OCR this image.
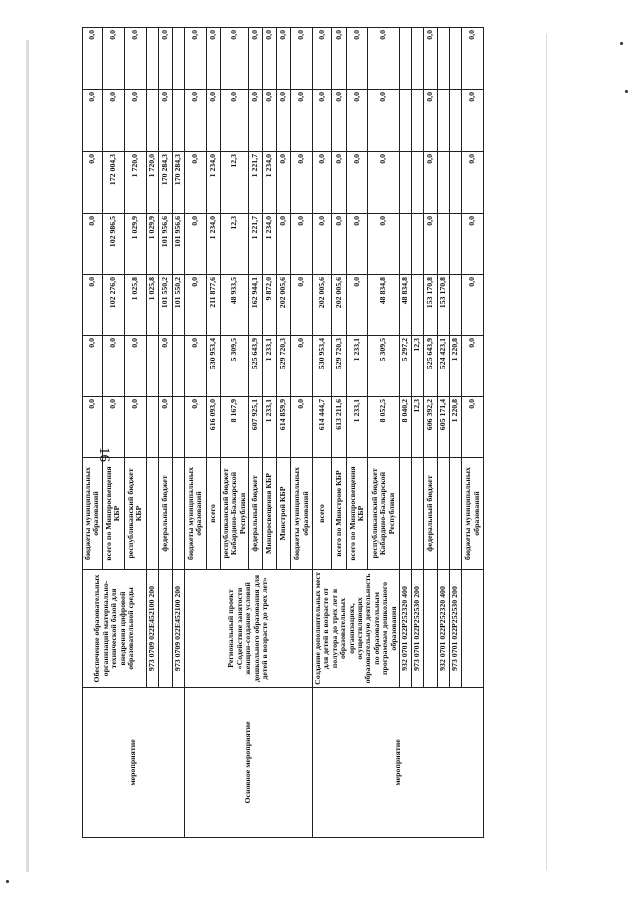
16
мероприятие	Обеспечение образовательных организаций материально-технической базой для внедрения цифровой образовательной среды	бюджеты муниципальных образований	0,0	0,0	0,0	0,0	0,0	0,0	0,0
		всего по Минпросвещения КБР	0,0	0,0	102 276,0	102 986,5	172 004,3	0,0	0,0
		республиканский бюджет КБР	0,0	0,0	1 025,8	1 029,9	1 720,0	0,0	0,0
	973 0709 022E452100 200				1 025,8	1 029,9	1 720,0		
		федеральный бюджет	0,0	0,0	101 550,2	101 956,6	170 284,3	0,0	0,0
	973 0709 022E452100 200				101 550,2	101 956,6	170 284,3		
Основное мероприятие	Региональный проект «Содействие занятости женщин-создание условий дошкольного образования для детей в возрасте до трех лет»	бюджеты муниципальных образований	0,0	0,0	0,0	0,0	0,0	0,0	0,0
		всего	616 093,0	530 953,4	211 877,6	1 234,0	1 234,0	0,0	0,0
		республиканский бюджет Кабардино-Балкарской Республики	8 167,9	5 309,5	48 933,5	12,3	12,3	0,0	0,0
		федеральный бюджет	607 925,1	525 643,9	162 944,1	1 221,7	1 221,7	0,0	0,0
		Минпросвещения КБР	1 233,1	1 233,1	9 872,0	1 234,0	1 234,0	0,0	0,0
		Минстрой КБР	614 859,9	529 720,3	202 005,6	0,0	0,0	0,0	0,0
		бюджеты муниципальных образований	0,0	0,0	0,0	0,0	0,0	0,0	0,0
мероприятие	Создание дополнительных мест для детей в возрасте от полутора до трех лет в образовательных организациях, осуществляющих образовательную деятельность по образовательным программам дошкольного образования	всего	614 444,7	530 953,4	202 005,6	0,0	0,0	0,0	0,0
		всего по Минстрою КБР	613 211,6	529 720,3	202 005,6	0,0	0,0	0,0	0,0
		всего по Минпросвещения КБР	1 233,1	1 233,1	0,0	0,0	0,0	0,0	0,0
		республиканский бюджет Кабардино-Балкарской Республики	8 052,5	5 309,5	48 834,8	0,0	0,0	0,0	0,0
	932 0701 022P252320 400		8 040,2	5 297,2	48 834,8				
	973 0701 022P252530 200		12,3	12,3					
		федеральный бюджет	606 392,2	525 643,9	153 170,8	0,0	0,0	0,0	0,0
	932 0701 022P252320 400		605 171,4	524 423,1	153 170,8				
	973 0701 022P252530 200		1 220,8	1 220,8					
		бюджеты муниципальных образований	0,0	0,0	0,0	0,0	0,0	0,0	0,0
